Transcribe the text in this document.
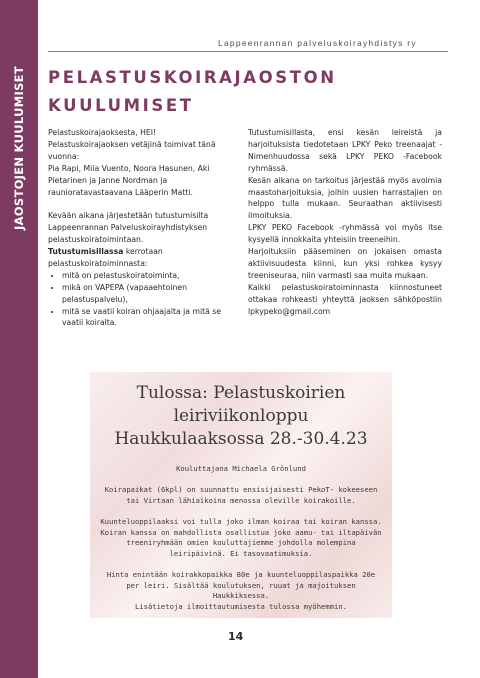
JAOSTOJEN KUULUMISET
Lappeenrannan palveluskoirayhdistys ry
PELASTUSKOIRAJAOSTON
KUULUMISET

Pelastuskoirajaoksesta, HEI!

Pelastuskoirajaoksen vetäjinä toimivat tänä vuonna:

Pia Rapi, Miia Vuento, Noora Hasunen, Aki Pietarinen ja Janne Nordman ja raunioratavastaavana Lääperin Matti.

Kevään aikana järjestetään tutustumisilta Lappeenrannan Palveluskoirayhdistyksen pelastuskoiratoimintaan.

Tutustumisillassa kerrotaan pelastuskoiratoiminnasta:

• mitä on pelastuskoiratoiminta,
• mikä on VAPEPA (vapaaehtoinen pelastuspalvelu),
• mitä se vaatii koiran ohjaajalta ja mitä se vaatii koiralta.

Tutustumisillasta, ensi kesän leireistä ja harjoituksista tiedotetaan LPKY Peko treenaajat -Nimenhuudossa sekä LPKY PEKO -Facebook ryhmässä.

Kesän aikana on tarkoitus järjestää myös avoimia maastoharjoituksia, joihin uusien harrastajien on helppo tulla mukaan. Seuraathan aktiivisesti ilmoituksia.

LPKY PEKO Facebook -ryhmässä voi myös itse kysyellä innokkaita yhteisiin treeneihin.

Harjoituksiin pääseminen on jokaisen omasta aktiivisuudesta kiinni, kun yksi rohkea kysyy treeniseuraa, niin varmasti saa muita mukaan.

Kaikki pelastuskoiratoiminnasta kiinnostuneet ottakaa rohkeasti yhteyttä jaoksen sähköpostiin lpkypeko@gmail.com

Tulossa: Pelastuskoirien
leiriviikonloppu
Haukkulaaksossa 28.-30.4.23
Kouluttajana Michaela Grönlund
Koirapaikat (6kpl) on suunnattu ensisijaisesti PekoT- kokeeseen tai Virtaan lähiaikoina menossa oleville koirakoille.
Kuunteluoppilaaksi voi tulla joko ilman koiraa tai koiran kanssa. Koiran kanssa on mahdollista osallistua joko aamu- tai iltapäivän treeniryhmään omien kouluttajiemme johdolla molempina leiripäivinä. Ei tasovaatimuksia.
Hinta enintään koirakkopaikka 80e ja kuunteluoppilaspaikka 20e per leiri. Sisältää koulutuksen, ruuat ja majoituksen Haukkiksessa.
Lisätietoja ilmoittautumisesta tulossa myöhemmin.
14
